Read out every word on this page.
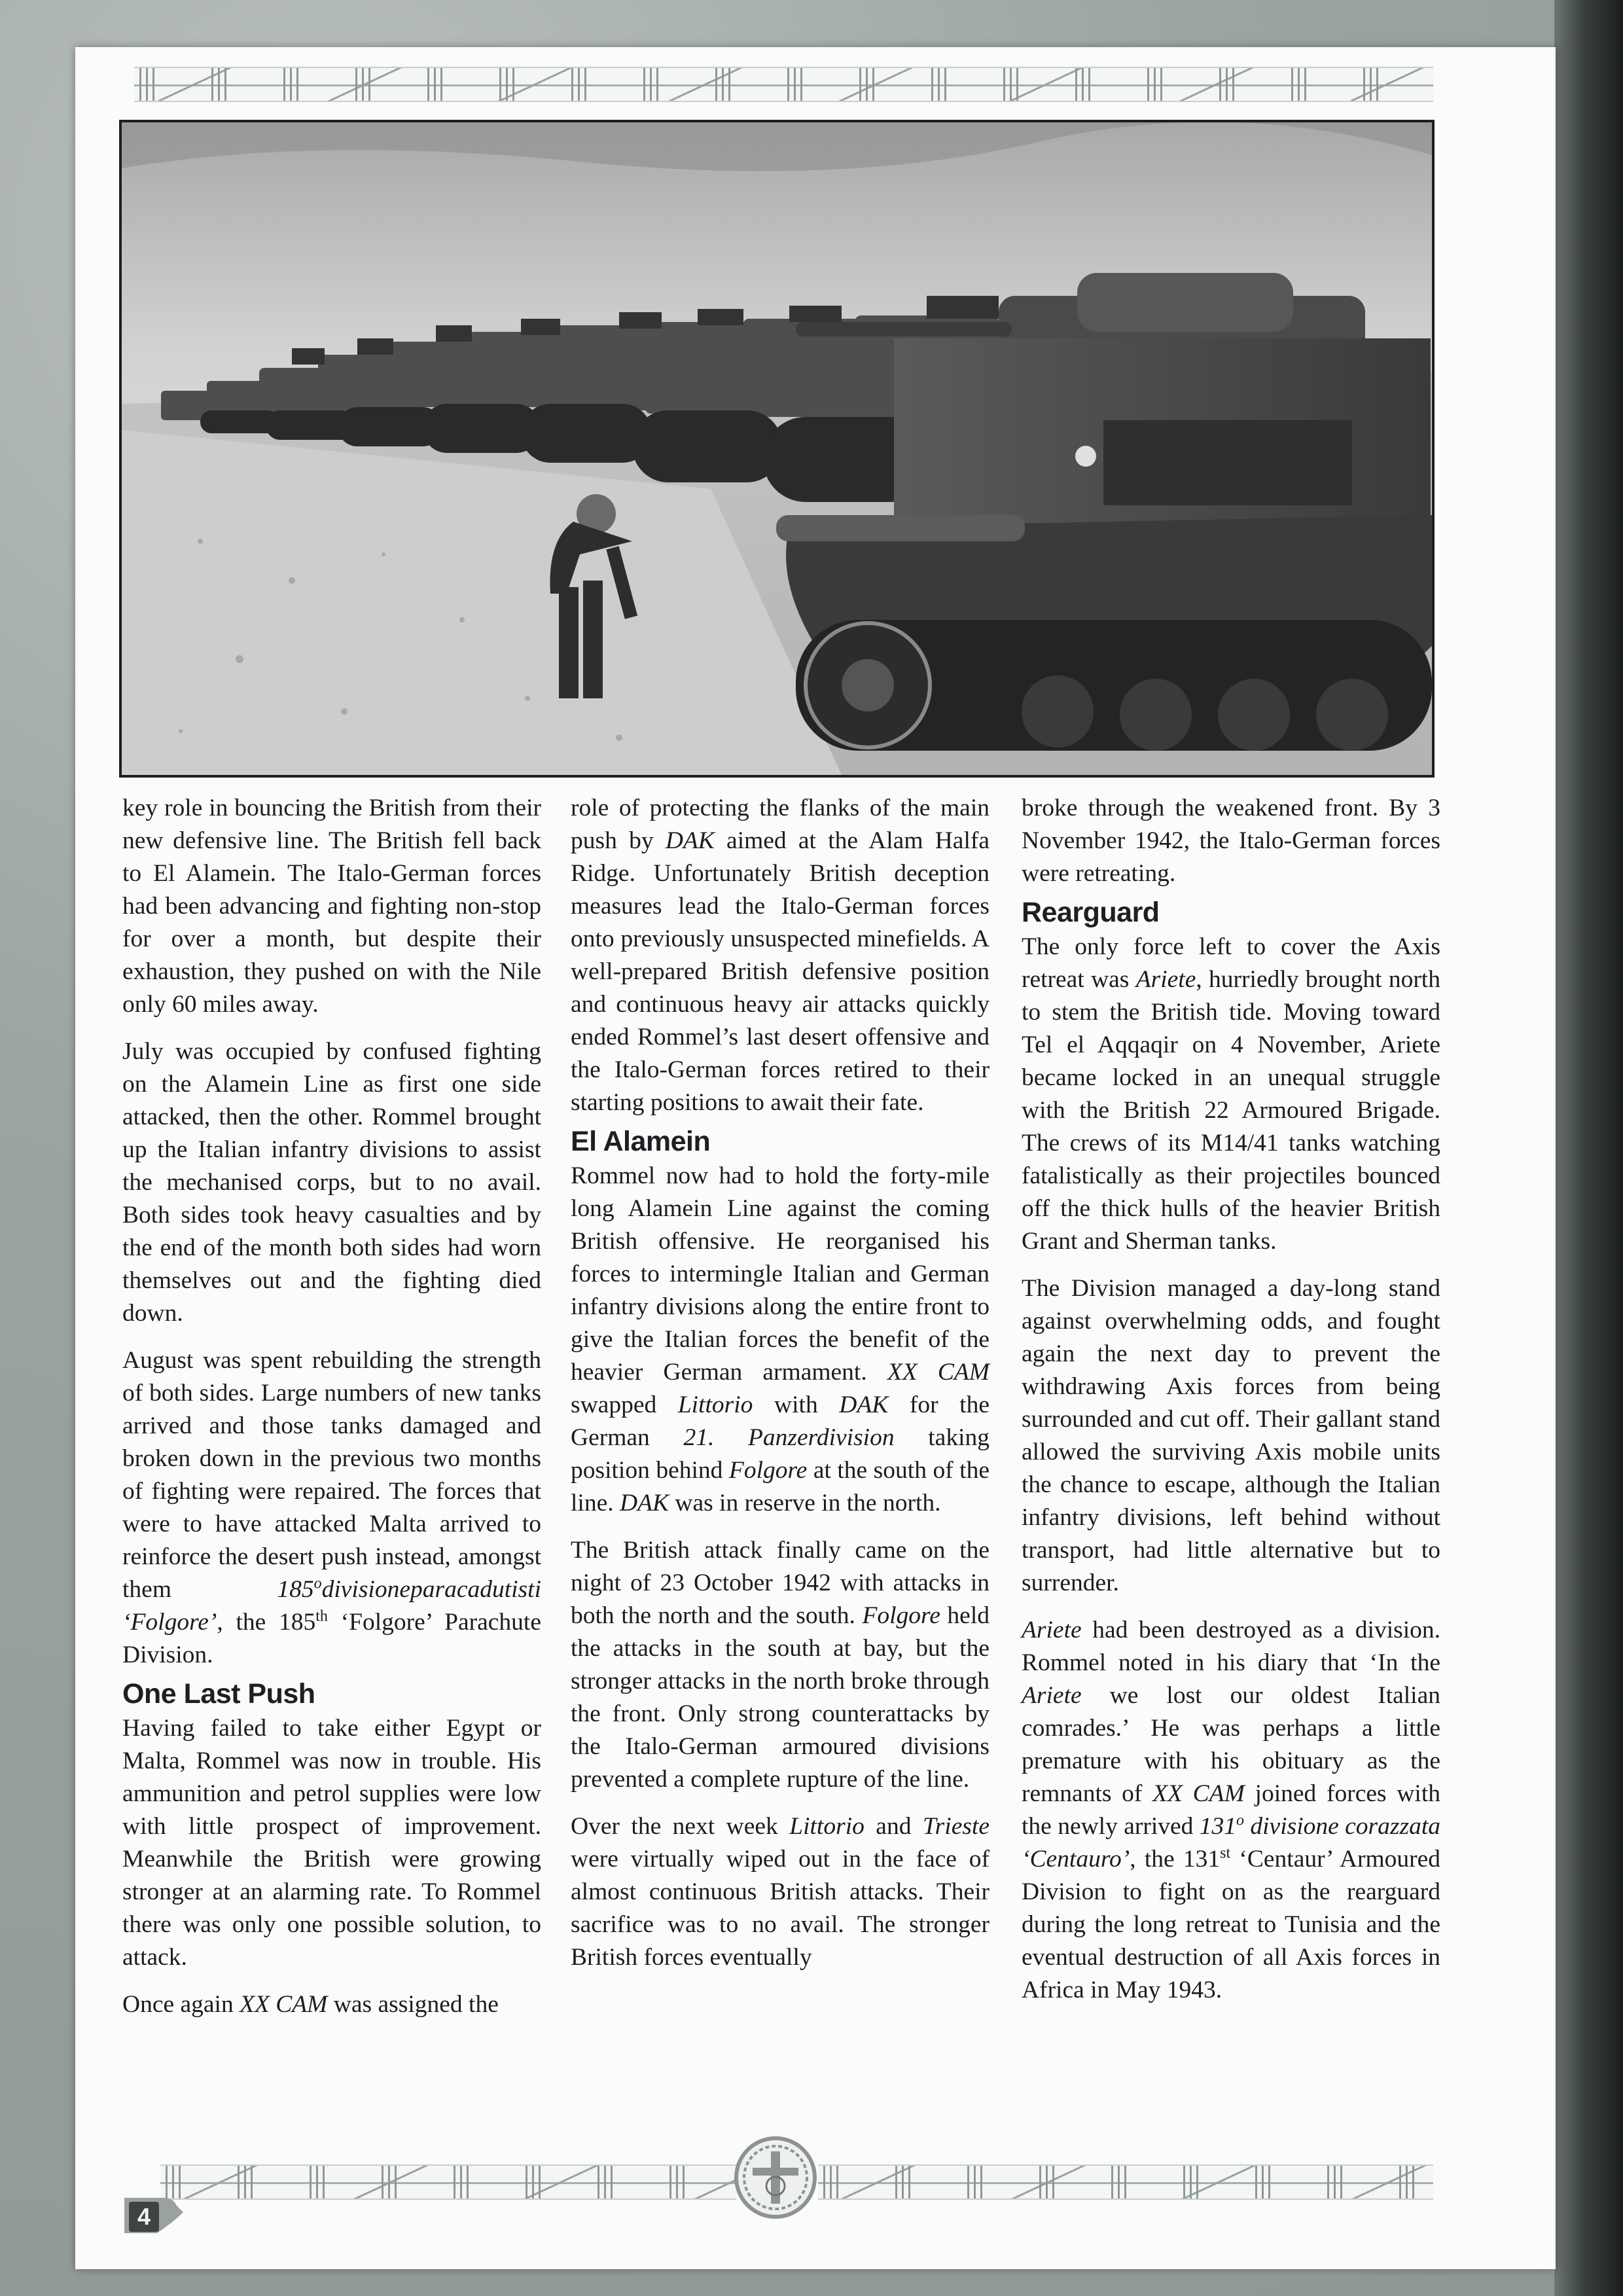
key role in bouncing the British from their new defensive line. The British fell back to El Alamein. The Italo-German forces had been advancing and fighting non-stop for over a month, but despite their exhaustion, they pushed on with the Nile only 60 miles away.

July was occupied by confused fighting on the Alamein Line as first one side attacked, then the other. Rommel brought up the Italian infantry divisions to assist the mechanised corps, but to no avail. Both sides took heavy casualties and by the end of the month both sides had worn themselves out and the fighting died down.

August was spent rebuilding the strength of both sides. Large numbers of new tanks arrived and those tanks damaged and broken down in the previous two months of fighting were repaired. The forces that were to have attacked Malta arrived to reinforce the desert push instead, amongst them 185$^o$divisioneparacadutisti ‘Folgore’, the 185th ‘Folgore’ Parachute Division.

One Last Push

Having failed to take either Egypt or Malta, Rommel was now in trouble. His ammunition and petrol supplies were low with little prospect of improvement. Meanwhile the British were growing stronger at an alarming rate. To Rommel there was only one possible solution, to attack.

Once again XX CAM was assigned the

role of protecting the flanks of the main push by DAK aimed at the Alam Halfa Ridge. Unfortunately British deception measures lead the Italo-German forces onto previously unsuspected minefields. A well-prepared British defensive position and continuous heavy air attacks quickly ended Rommel’s last desert offensive and the Italo-German forces retired to their starting positions to await their fate.

El Alamein

Rommel now had to hold the forty-mile long Alamein Line against the coming British offensive. He reorganised his forces to intermingle Italian and German infantry divisions along the entire front to give the Italian forces the benefit of the heavier German armament. XX CAM swapped Littorio with DAK for the German 21. Panzerdivision taking position behind Folgore at the south of the line. DAK was in reserve in the north.

The British attack finally came on the night of 23 October 1942 with attacks in both the north and the south. Folgore held the attacks in the south at bay, but the stronger attacks in the north broke through the front. Only strong counterattacks by the Italo-German armoured divisions prevented a complete rupture of the line.

Over the next week Littorio and Trieste were virtually wiped out in the face of almost continuous British attacks. Their sacrifice was to no avail. The stronger British forces eventually

broke through the weakened front. By 3 November 1942, the Italo-German forces were retreating.

Rearguard

The only force left to cover the Axis retreat was Ariete, hurriedly brought north to stem the British tide. Moving toward Tel el Aqqaqir on 4 November, Ariete became locked in an unequal struggle with the British 22 Armoured Brigade. The crews of its M14/41 tanks watching fatalistically as their projectiles bounced off the thick hulls of the heavier British Grant and Sherman tanks.

The Division managed a day-long stand against overwhelming odds, and fought again the next day to prevent the withdrawing Axis forces from being surrounded and cut off. Their gallant stand allowed the surviving Axis mobile units the chance to escape, although the Italian infantry divisions, left behind without transport, had little alternative but to surrender.

Ariete had been destroyed as a division. Rommel noted in his diary that ‘In the Ariete we lost our oldest Italian comrades.’ He was perhaps a little premature with his obituary as the remnants of XX CAM joined forces with the newly arrived 131$^o$ divisione corazzata ‘Centauro’, the 131st ‘Centaur’ Armoured Division to fight on as the rearguard during the long retreat to Tunisia and the eventual destruction of all Axis forces in Africa in May 1943.

4
